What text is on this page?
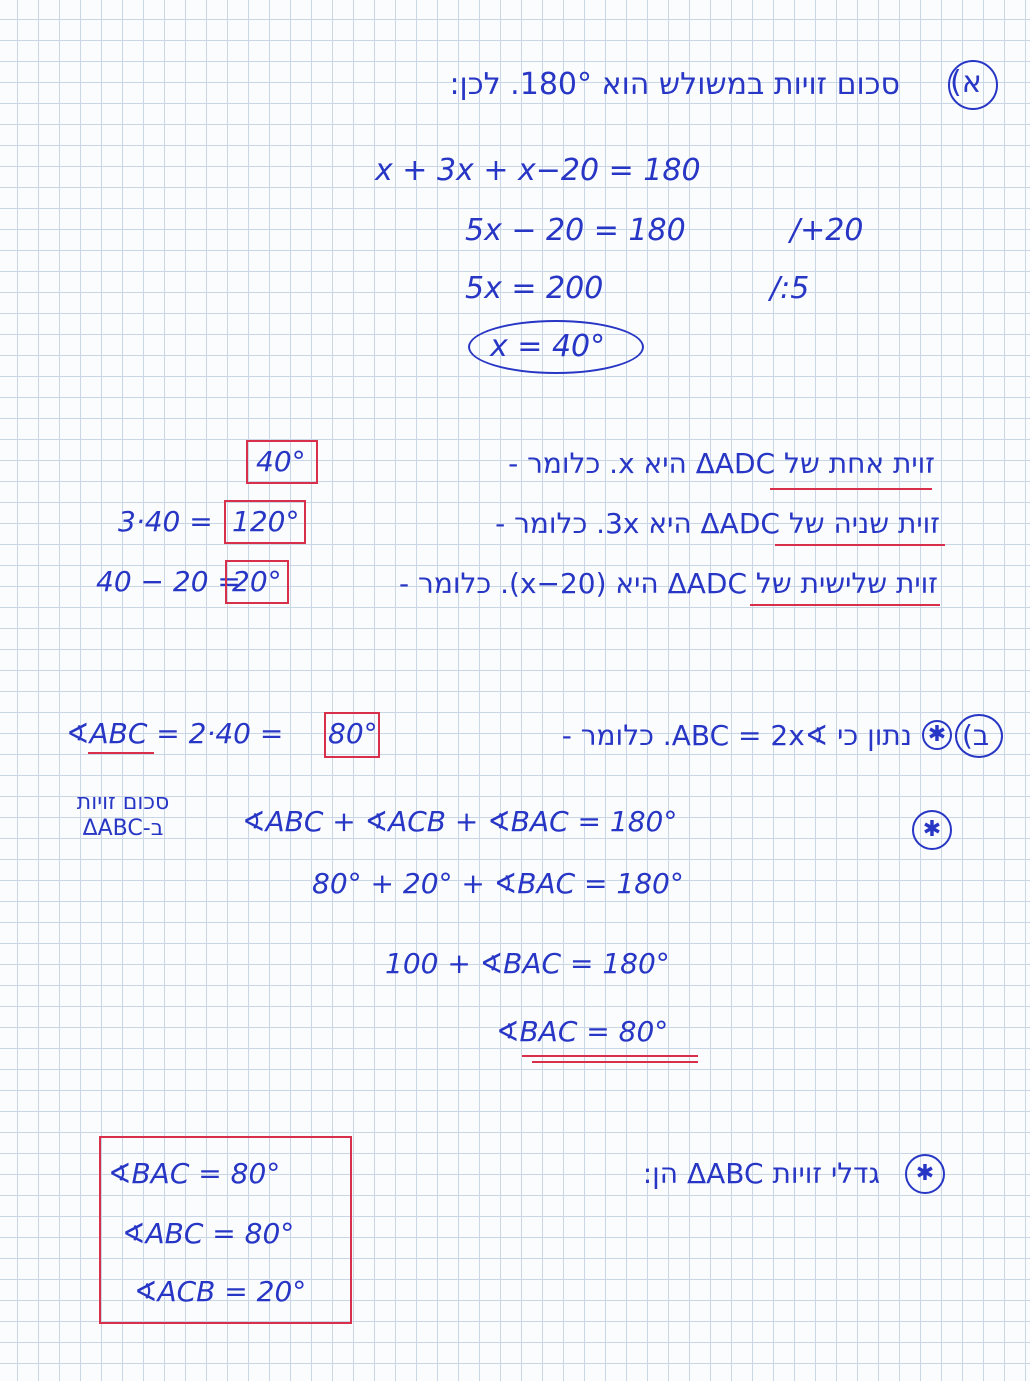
א)
סכום זויות במשולש הוא 180°. לכן:
x + 3x + x−20 = 180
5x − 20 = 180	/+20
5x = 200	/:5
x = 40°
זוית אחת של ΔADC היא x. כלומר -
40°
3·40 = 120°	זוית שניה של ΔADC היא 3x. כלומר -
40 − 20 =
20°	זוית שלישית של ΔADC היא (x−20). כלומר -
ב)
✱
נתון כי ∢ABC = 2x. כלומר -
∢ABC = 2·40 = 80°
סכום זויות
ב-ΔABC	∢ABC + ∢ACB + ∢BAC = 180°	✱
80° + 20° + ∢BAC = 180°
100 + ∢BAC = 180°
∢BAC = 80°
∢BAC = 80°
∢ABC = 80°
∢ACB = 20°
גדלי זויות ΔABC הן:	✱
